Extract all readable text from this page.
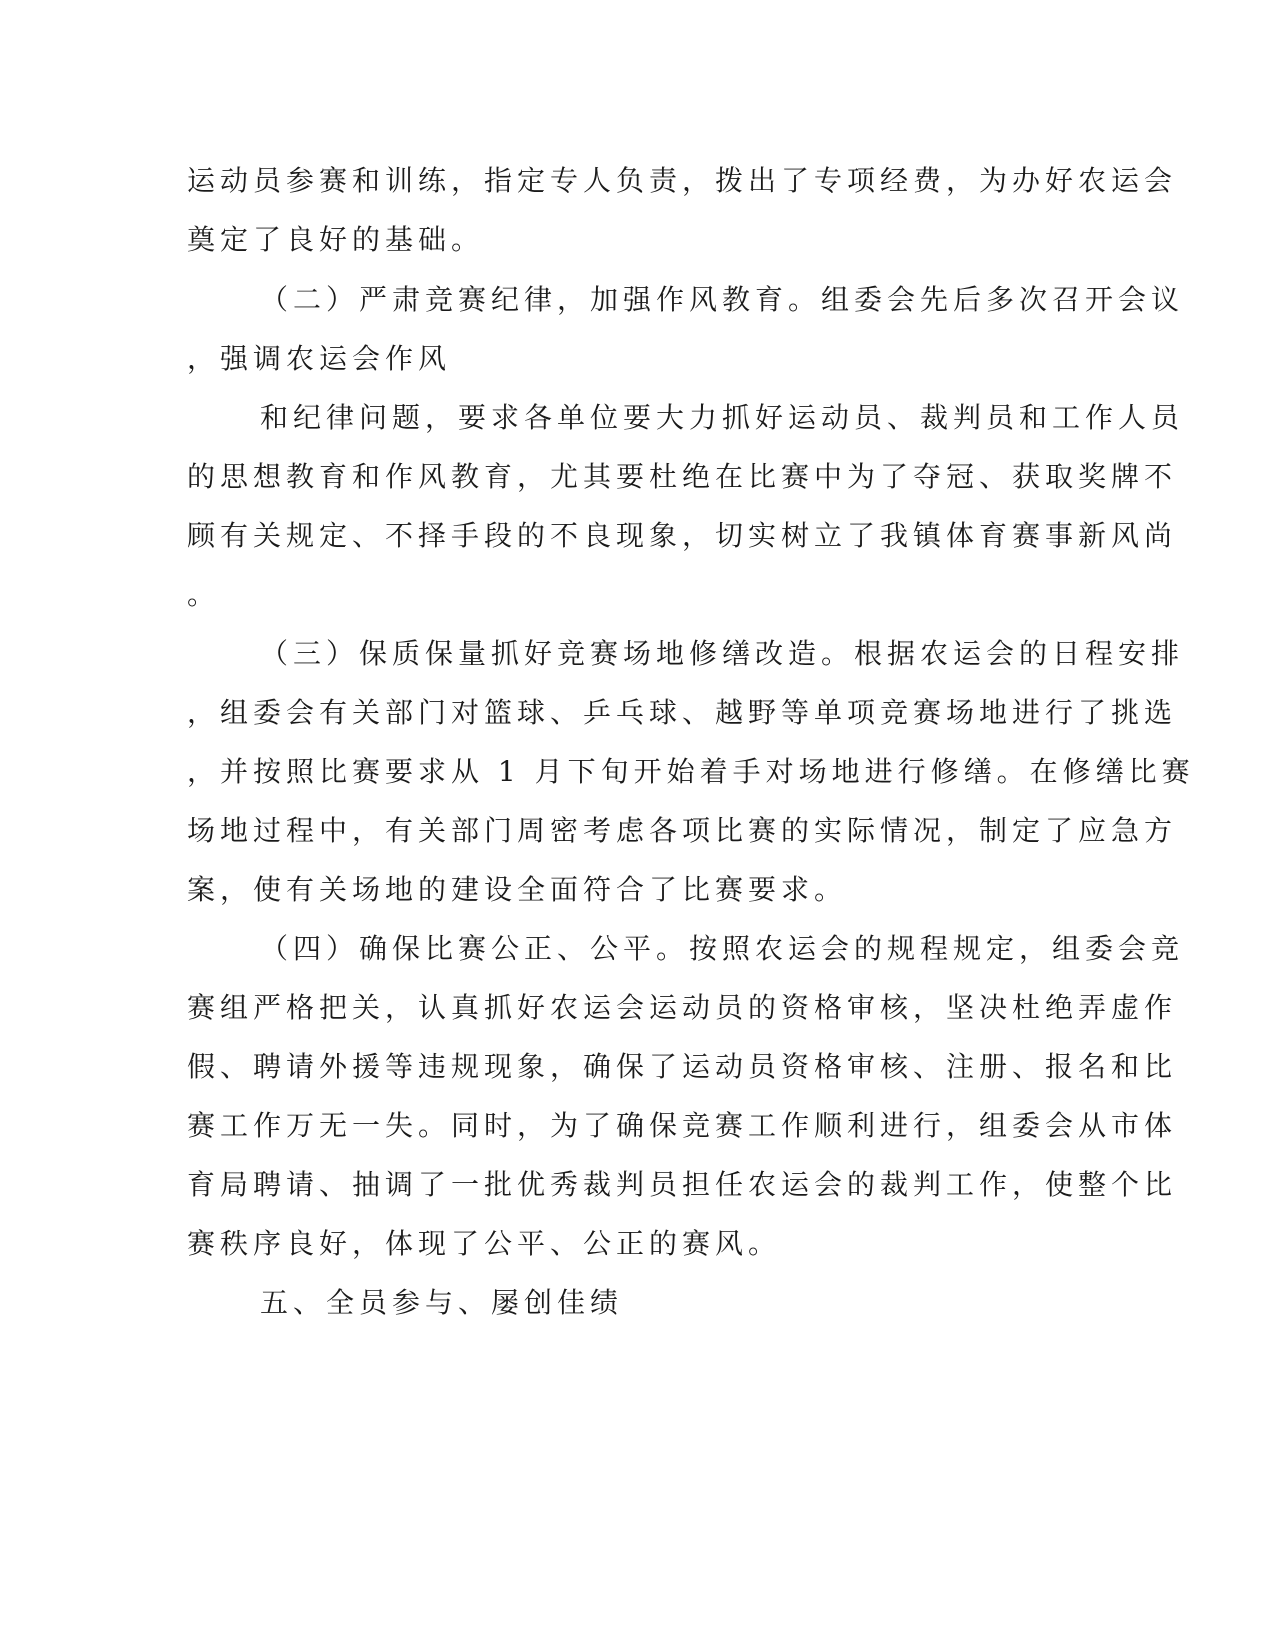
运动员参赛和训练，指定专人负责，拨出了专项经费，为办好农运会
奠定了良好的基础。
（二）严肃竞赛纪律，加强作风教育。组委会先后多次召开会议
，强调农运会作风
和纪律问题，要求各单位要大力抓好运动员、裁判员和工作人员
的思想教育和作风教育，尤其要杜绝在比赛中为了夺冠、获取奖牌不
顾有关规定、不择手段的不良现象，切实树立了我镇体育赛事新风尚
。
（三）保质保量抓好竞赛场地修缮改造。根据农运会的日程安排
，组委会有关部门对篮球、乒乓球、越野等单项竞赛场地进行了挑选
，并按照比赛要求从 1 月下旬开始着手对场地进行修缮。在修缮比赛
场地过程中，有关部门周密考虑各项比赛的实际情况，制定了应急方
案，使有关场地的建设全面符合了比赛要求。
（四）确保比赛公正、公平。按照农运会的规程规定，组委会竞
赛组严格把关，认真抓好农运会运动员的资格审核，坚决杜绝弄虚作
假、聘请外援等违规现象，确保了运动员资格审核、注册、报名和比
赛工作万无一失。同时，为了确保竞赛工作顺利进行，组委会从市体
育局聘请、抽调了一批优秀裁判员担任农运会的裁判工作，使整个比
赛秩序良好，体现了公平、公正的赛风。
五、全员参与、屡创佳绩
